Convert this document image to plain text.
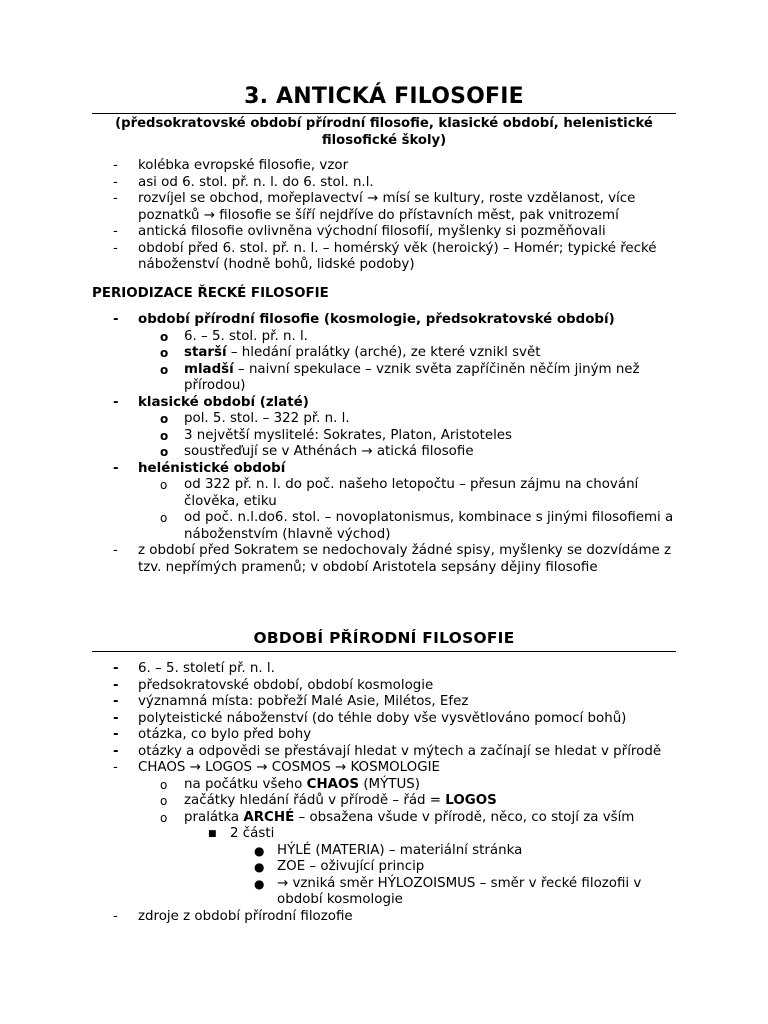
3. ANTICKÁ FILOSOFIE

(předsokratovské období přírodní filosofie, klasické období, helenistické filosofické školy)

- kolébka evropské filosofie, vzor
- asi od 6. stol. př. n. l. do 6. stol. n.l.
- rozvíjel se obchod, mořeplavectví → mísí se kultury, roste vzdělanost, více poznatků → filosofie se šíří nejdříve do přístavních měst, pak vnitrozemí
- antická filosofie ovlivněna východní filosofií, myšlenky si pozměňovali
- období před 6. stol. př. n. l. – homérský věk (heroický) – Homér; typické řecké náboženství (hodně bohů, lidské podoby)

PERIODIZACE ŘECKÉ FILOSOFIE

- období přírodní filosofie (kosmologie, předsokratovské období)
o 6. – 5. stol. př. n. l.
o starší – hledání pralátky (arché), ze které vznikl svět
o mladší – naivní spekulace – vznik světa zapříčiněn něčím jiným než přírodou)
- klasické období (zlaté)
o pol. 5. stol. – 322 př. n. l.
o 3 největší myslitelé: Sokrates, Platon, Aristoteles
o soustřeďují se v Athénách → atická filosofie
- helénistické období
o od 322 př. n. l. do poč. našeho letopočtu – přesun zájmu na chování člověka, etiku
o od poč. n.l.do6. stol. – novoplatonismus, kombinace s jinými filosofiemi a náboženstvím (hlavně východ)
- z období před Sokratem se nedochovaly žádné spisy, myšlenky se dozvídáme z tzv. nepřímých pramenů; v období Aristotela sepsány dějiny filosofie

OBDOBÍ PŘÍRODNÍ FILOSOFIE

- 6. – 5. století př. n. l.
- předsokratovské období, období kosmologie
- významná místa: pobřeží Malé Asie, Milétos, Efez
- polyteistické náboženství (do téhle doby vše vysvětlováno pomocí bohů)
- otázka, co bylo před bohy
- otázky a odpovědi se přestávají hledat v mýtech a začínají se hledat v přírodě
- CHAOS → LOGOS → COSMOS → KOSMOLOGIE
o na počátku všeho CHAOS (MÝTUS)
o začátky hledání řádů v přírodě – řád = LOGOS
o pralátka ARCHÉ – obsažena všude v přírodě, něco, co stojí za vším
■ 2 části
● HÝLÉ (MATERIA) – materiální stránka
● ZOE – oživující princip
● → vzniká směr HÝLOZOISMUS – směr v řecké filozofii v období kosmologie
- zdroje z období přírodní filozofie
